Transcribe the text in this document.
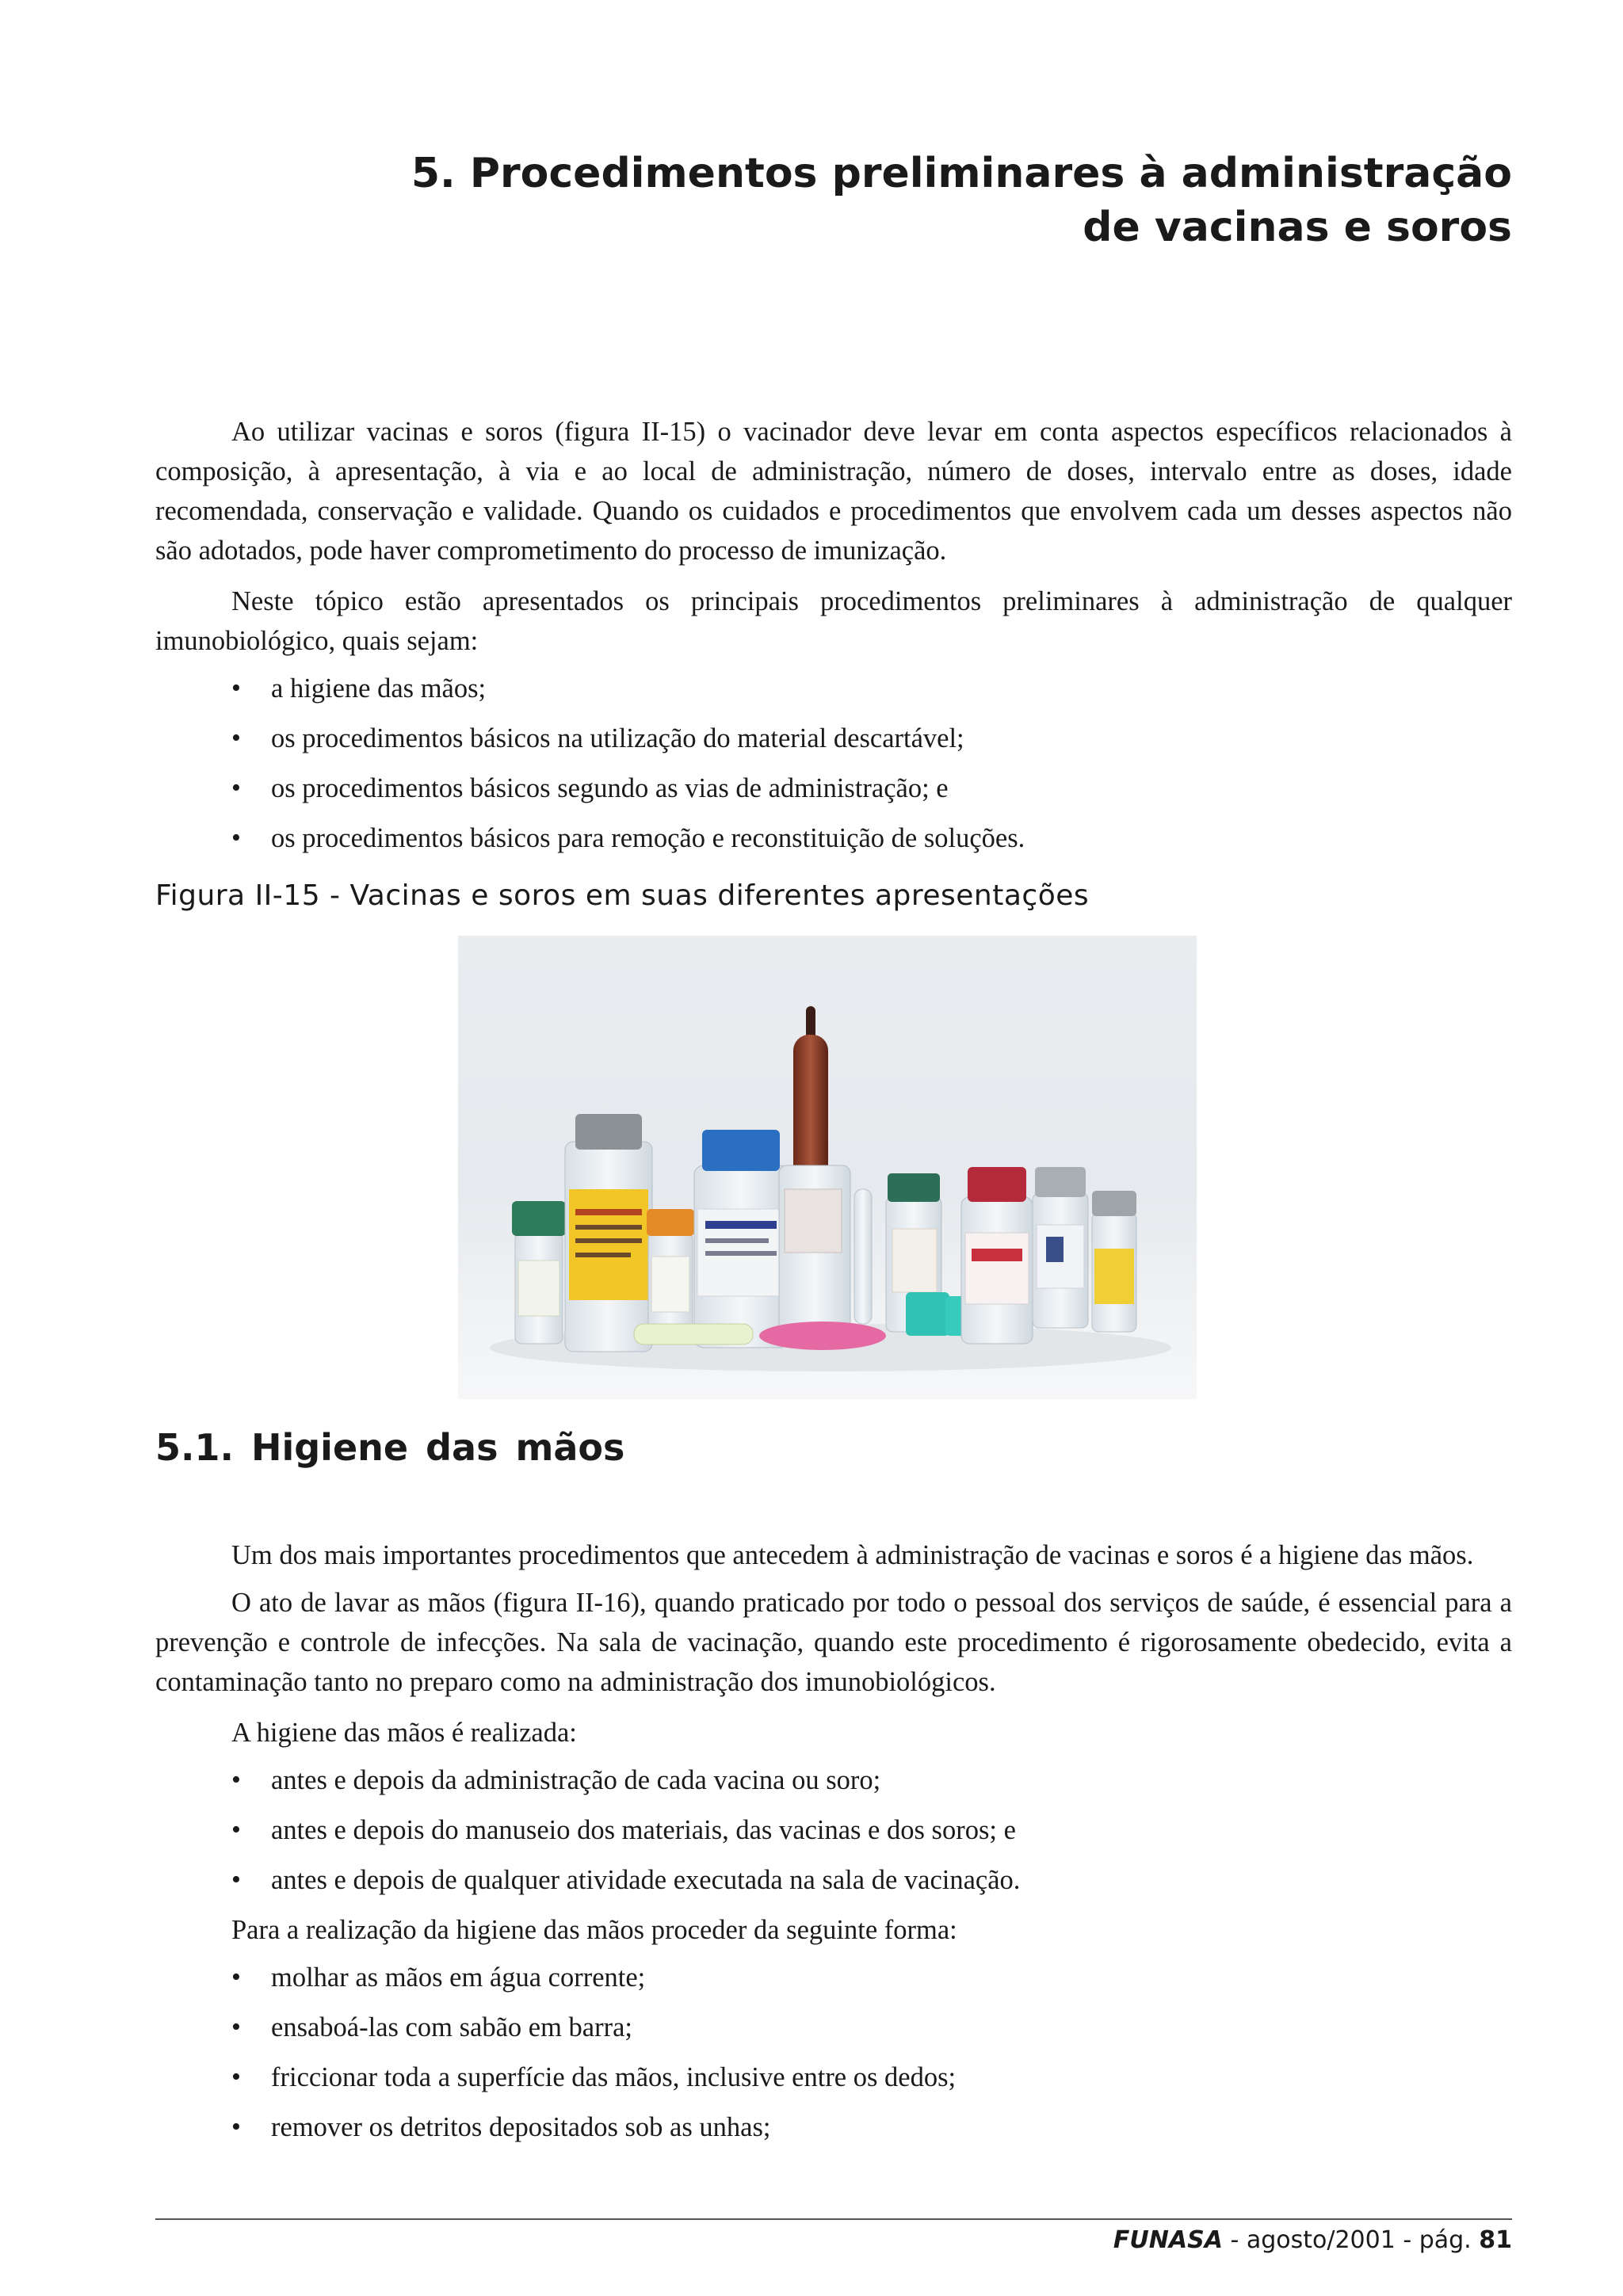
5. Procedimentos preliminares à administração
de vacinas e soros

Ao utilizar vacinas e soros (figura II-15) o vacinador deve levar em conta aspectos específicos relacionados à composição, à apresentação, à via e ao local de administração, número de doses, intervalo entre as doses, idade recomendada, conservação e validade. Quando os cuidados e procedimentos que envolvem cada um desses aspectos não são adotados, pode haver comprometimento do processo de imunização.

Neste tópico estão apresentados os principais procedimentos preliminares à administração de qualquer imunobiológico, quais sejam:

• a higiene das mãos;
• os procedimentos básicos na utilização do material descartável;
• os procedimentos básicos segundo as vias de administração; e
• os procedimentos básicos para remoção e reconstituição de soluções.
Figura II-15 - Vacinas e soros em suas diferentes apresentações
5.1. Higiene das mãos

Um dos mais importantes procedimentos que antecedem à administração de vacinas e soros é a higiene das mãos.

O ato de lavar as mãos (figura II-16), quando praticado por todo o pessoal dos serviços de saúde, é essencial para a prevenção e controle de infecções. Na sala de vacinação, quando este procedimento é rigorosamente obedecido, evita a contaminação tanto no preparo como na administração dos imunobiológicos.

A higiene das mãos é realizada:

• antes e depois da administração de cada vacina ou soro;
• antes e depois do manuseio dos materiais, das vacinas e dos soros; e
• antes e depois de qualquer atividade executada na sala de vacinação.

Para a realização da higiene das mãos proceder da seguinte forma:

• molhar as mãos em água corrente;
• ensaboá-las com sabão em barra;
• friccionar toda a superfície das mãos, inclusive entre os dedos;
• remover os detritos depositados sob as unhas;
FUNASA - agosto/2001 - pág. 81
